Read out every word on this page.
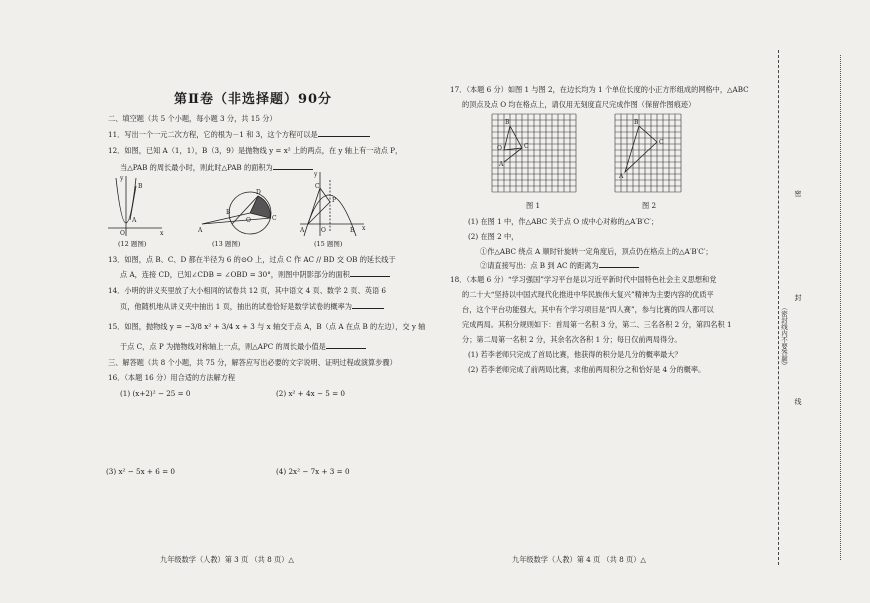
第Ⅱ卷（非选择题）90分
二、填空题（共 5 个小题，每小题 3 分，共 15 分）
11．写出一个一元二次方程，它的根为－1 和 3，这个方程可以是
12．如图，已知 A（1，1），B（3，9）是抛物线 y = x² 上的两点，在 y 轴上有一动点 P，
当△PAB 的周长最小时，则此时△PAB 的面积为
y
x
O
A
B
(12 题图)
A
B
C
D
O
(13 题图)
y
x
C
P
A	B
O
(15 题图)
13．如图，点 B、C、D 都在半径为 6 的⊙O 上，过点 C 作 AC // BD 交 OB 的延长线于
点 A，连接 CD，已知∠CDB = ∠OBD = 30°，则图中阴影部分的面积
14．小明的讲义夹里放了大小相同的试卷共 12 页，其中语文 4 页、数学 2 页、英语 6
页，他随机地从讲义夹中抽出 1 页，抽出的试卷恰好是数学试卷的概率为
15．如图，抛物线 y = −3/8 x² + 3/4 x + 3 与 x 轴交于点 A，B（点 A 在点 B 的左边），交 y 轴
于点 C，点 P 为抛物线对称轴上一点，则△APC 的周长最小值是
三、解答题（共 8 个小题，共 75 分，解答应写出必要的文字说明、证明过程或演算步骤）
16．（本题 16 分）用合适的方法解方程
(1) (x+2)² − 25 = 0	(2) x² + 4x − 5 = 0
(3) x² − 5x + 6 = 0	(4) 2x² − 7x + 3 = 0
九年级数学（人教）第 3 页 （共 8 页）△
17．（本题 6 分）如图 1 与图 2，在边长均为 1 个单位长度的小正方形组成的网格中，△ABC
的顶点及点 O 均在格点上，请仅用无刻度直尺完成作图（保留作图痕迹）
B
C
O
A
图 1
B
C
A
图 2
(1) 在图 1 中，作△ABC 关于点 O 成中心对称的△A′B′C′；
(2) 在图 2 中，
①作△ABC 绕点 A 顺时针旋转一定角度后，顶点仍在格点上的△A′B′C′；
②请直接写出：点 B 到 AC 的距离为
18．（本题 6 分）“学习强国”学习平台是以习近平新时代中国特色社会主义思想和党
的二十大“坚持以中国式现代化推进中华民族伟大复兴”精神为主要内容的优质平
台，这个平台功能强大，其中有个学习项目是“四人赛”，参与比赛的四人都可以
完成两局。其积分规则如下：首局第一名积 3 分，第二、三名各积 2 分，第四名积 1
分；第二局第一名积 2 分，其余名次各积 1 分；每日仅前两局得分。
(1) 若李老师只完成了首局比赛，他获得的积分是几分的概率最大？
(2) 若李老师完成了前两局比赛，求他前两局积分之和恰好是 4 分的概率。
九年级数学（人教）第 4 页 （共 8 页）△
密
封
线
（密封线内不要答题）
